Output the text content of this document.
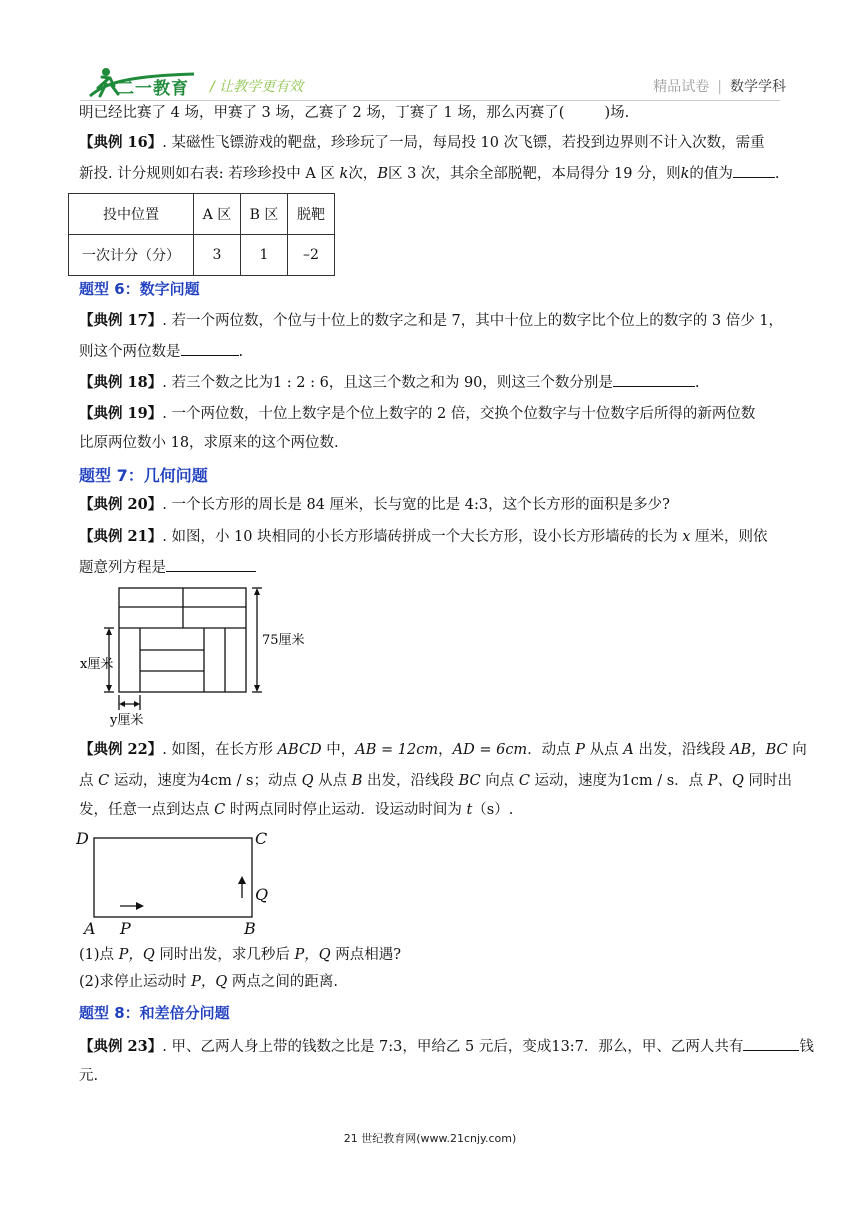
二一教育 / 让教学更有效	精品试卷 | 数学学科
明已经比赛了 4 场，甲赛了 3 场，乙赛了 2 场，丁赛了 1 场，那么丙赛了(	)场.
【典例 16】. 某磁性飞镖游戏的靶盘，珍珍玩了一局，每局投 10 次飞镖，若投到边界则不计入次数，需重
新投. 计分规则如右表: 若珍珍投中 A 区 k次，B区 3 次，其余全部脱靶，本局得分 19 分，则k的值为	.
投中位置	A 区	B 区	脱靶
一次计分（分）	3	1	–2
题型 6：数字问题
【典例 17】. 若一个两位数，个位与十位上的数字之和是 7，其中十位上的数字比个位上的数字的 3 倍少 1，
则这个两位数是	.
【典例 18】. 若三个数之比为1 : 2 : 6，且这三个数之和为 90，则这三个数分别是	.
【典例 19】. 一个两位数，十位上数字是个位上数字的 2 倍，交换个位数字与十位数字后所得的新两位数
比原两位数小 18，求原来的这个两位数.
题型 7：几何问题
【典例 20】. 一个长方形的周长是 84 厘米，长与宽的比是 4:3，这个长方形的面积是多少?
【典例 21】. 如图，小 10 块相同的小长方形墙砖拼成一个大长方形，设小长方形墙砖的长为 x 厘米，则依
题意列方程是
x厘米
75厘米
y厘米
【典例 22】. 如图，在长方形 ABCD 中，AB = 12cm，AD = 6cm．动点 P 从点 A 出发，沿线段 AB，BC 向
点 C 运动，速度为4cm / s；动点 Q 从点 B 出发，沿线段 BC 向点 C 运动，速度为1cm / s．点 P、Q 同时出
发，任意一点到达点 C 时两点同时停止运动．设运动时间为 t（s）.
D	C
A	B
P
Q
(1)点 P，Q 同时出发，求几秒后 P，Q 两点相遇?
(2)求停止运动时 P，Q 两点之间的距离.
题型 8：和差倍分问题
【典例 23】. 甲、乙两人身上带的钱数之比是 7:3，甲给乙 5 元后，变成13:7．那么，甲、乙两人共有	钱
元.
21 世纪教育网(www.21cnjy.com)
